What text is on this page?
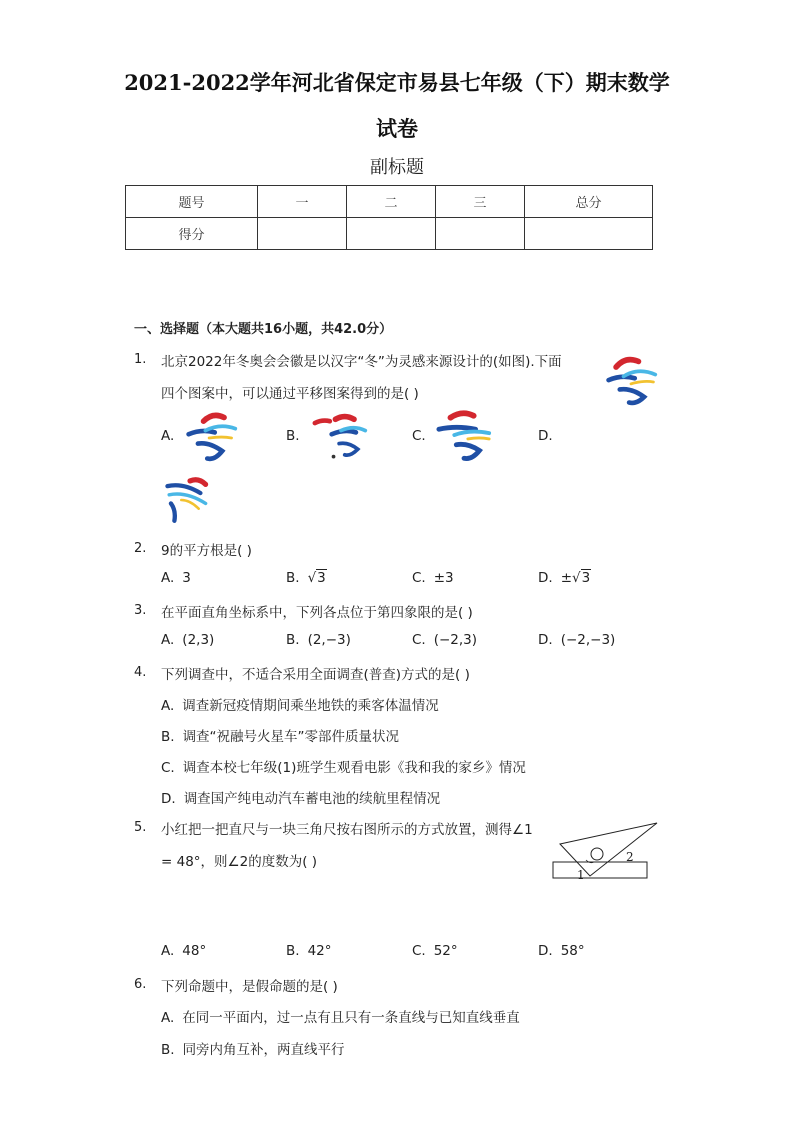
2021-2022学年河北省保定市易县七年级（下）期末数学
试卷
副标题
题号	一	二	三	总分
得分				
一、选择题（本大题共16小题，共42.0分）
1. 北京2022年冬奥会会徽是以汉字“冬”为灵感来源设计的(如图).下面
四个图案中，可以通过平移图案得到的是( )
A.	B.	C.	D.
2. 9的平方根是( )
A. 3	B. √3	C. ±3	D. ±√3
3. 在平面直角坐标系中，下列各点位于第四象限的是( )
A. (2,3)	B. (2,−3)	C. (−2,3)	D. (−2,−3)
4. 下列调查中，不适合采用全面调查(普查)方式的是( )
A. 调查新冠疫情期间乘坐地铁的乘客体温情况
B. 调查“祝融号火星车”零部件质量状况
C. 调查本校七年级(1)班学生观看电影《我和我的家乡》情况
D. 调查国产纯电动汽车蓄电池的续航里程情况
5. 小红把一把直尺与一块三角尺按右图所示的方式放置，测得∠1
= 48°，则∠2的度数为( )
1
2
A. 48°	B. 42°	C. 52°	D. 58°
6. 下列命题中，是假命题的是( )
A. 在同一平面内，过一点有且只有一条直线与已知直线垂直
B. 同旁内角互补，两直线平行
